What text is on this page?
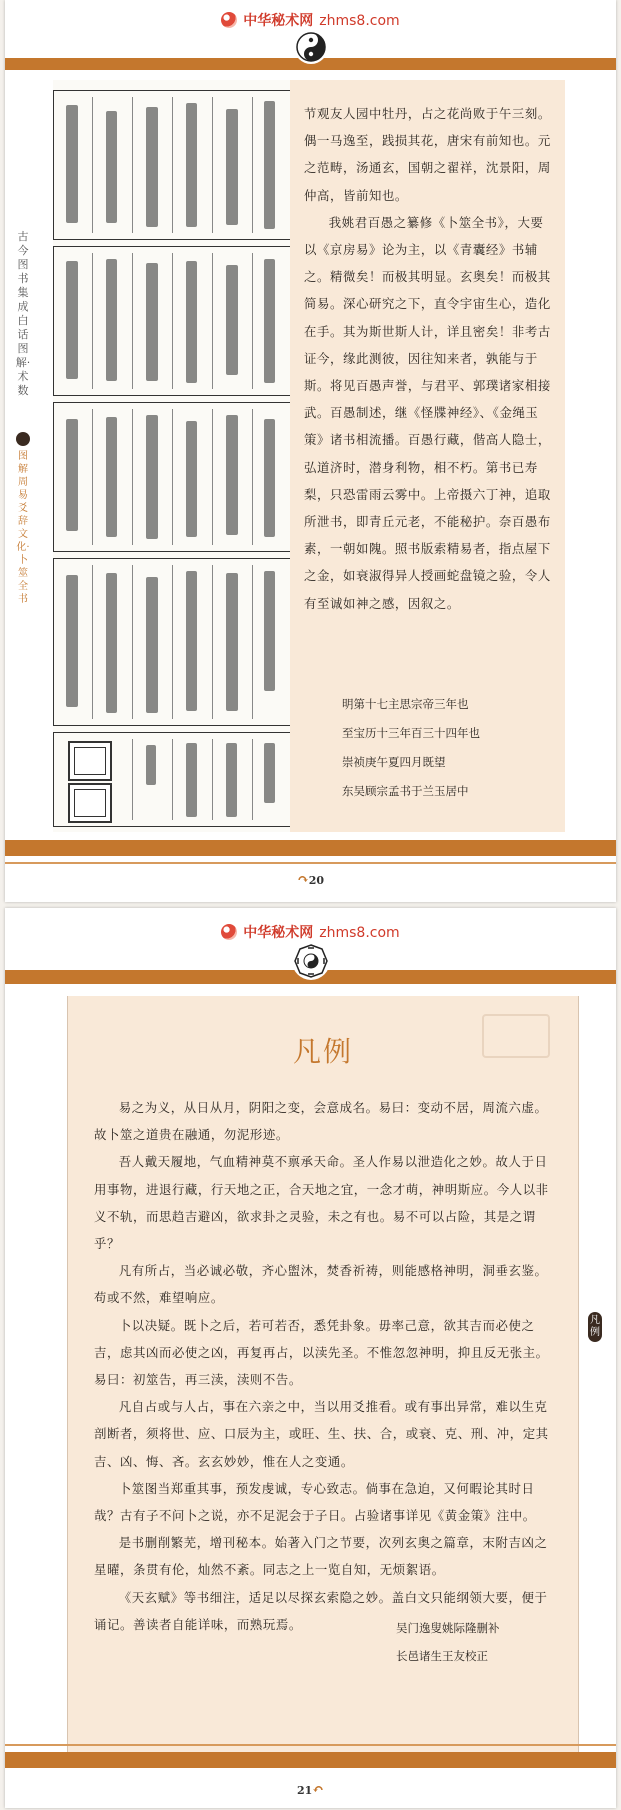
中华秘术网 zhms8.com
古今图书集成白话图解·术数
图解周易爻辞文化·卜筮全书

节观友人园中牡丹，占之花尚败于午三刻。偶一马逸至，践损其花，唐宋有前知也。元之范畴，汤通玄，国朝之翟祥，沈景阳，周仲高，皆前知也。

我姚君百愚之纂修《卜筮全书》，大要以《京房易》论为主，以《青囊经》书辅之。精微矣！而极其明显。玄奥矣！而极其简易。深心研究之下，直令宇宙生心，造化在手。其为斯世斯人计，详且密矣！非考古证今，缘此测彼，因往知来者，孰能与于斯。将见百愚声誉，与君平、郭璞诸家相接武。百愚制述，继《怪牒神经》、《金绳玉策》诸书相流播。百愚行藏，偕高人隐士，弘道济时，潜身利物，相不朽。第书已寿梨，只恐雷雨云雾中。上帝摄六丁神，追取所泄书，即青丘元老，不能秘护。奈百愚布素，一朝如隗。照书版索精易者，指点屋下之金，如衰淑得异人授画蛇盘镜之验，令人有至诚如神之感，因叙之。

明第十七主思宗帝三年也
至宝历十三年百三十四年也
崇祯庚午夏四月既望
东吴顾宗孟书于兰玉居中
↷20
中华秘术网 zhms8.com
凡例

易之为义，从日从月，阴阳之变，会意成名。易曰：变动不居，周流六虚。故卜筮之道贵在融通，勿泥形迹。

吾人戴天履地，气血精神莫不禀承天命。圣人作易以泄造化之妙。故人于日用事物，进退行藏，行天地之正，合天地之宜，一念才萌，神明斯应。今人以非义不轨，而思趋吉避凶，欲求卦之灵验，未之有也。易不可以占险，其是之谓乎？

凡有所占，当必诚必敬，齐心盥沐，焚香祈祷，则能感格神明，洞垂玄鉴。苟或不然，难望响应。

卜以决疑。既卜之后，若可若否，悉凭卦象。毋率己意，欲其吉而必使之吉，虑其凶而必使之凶，再复再占，以渎先圣。不惟忽忽神明，抑且反无张主。易曰：初筮告，再三渎，渎则不告。

凡自占或与人占，事在六亲之中，当以用爻推看。或有事出异常，难以生克剖断者，须将世、应、口辰为主，或旺、生、扶、合，或衰、克、刑、冲，定其吉、凶、悔、吝。玄玄妙妙，惟在人之变通。

卜筮图当郑重其事，预发虔诚，专心致志。倘事在急迫，又何暇论其时日哉？古有子不问卜之说，亦不足泥会于子日。占验诸事详见《黄金策》注中。

是书删削繁芜，增刊秘本。始著入门之节要，次列玄奥之篇章，末附吉凶之星曜，条贯有伦，灿然不紊。同志之上一览自知，无烦絮语。

《天玄赋》等书细注，适足以尽探玄索隐之妙。盖白文只能纲领大要，便于诵记。善读者自能详味，而熟玩焉。	吴门逸叟姚际隆删补
长邑诸生王友校正
凡例
21↶
